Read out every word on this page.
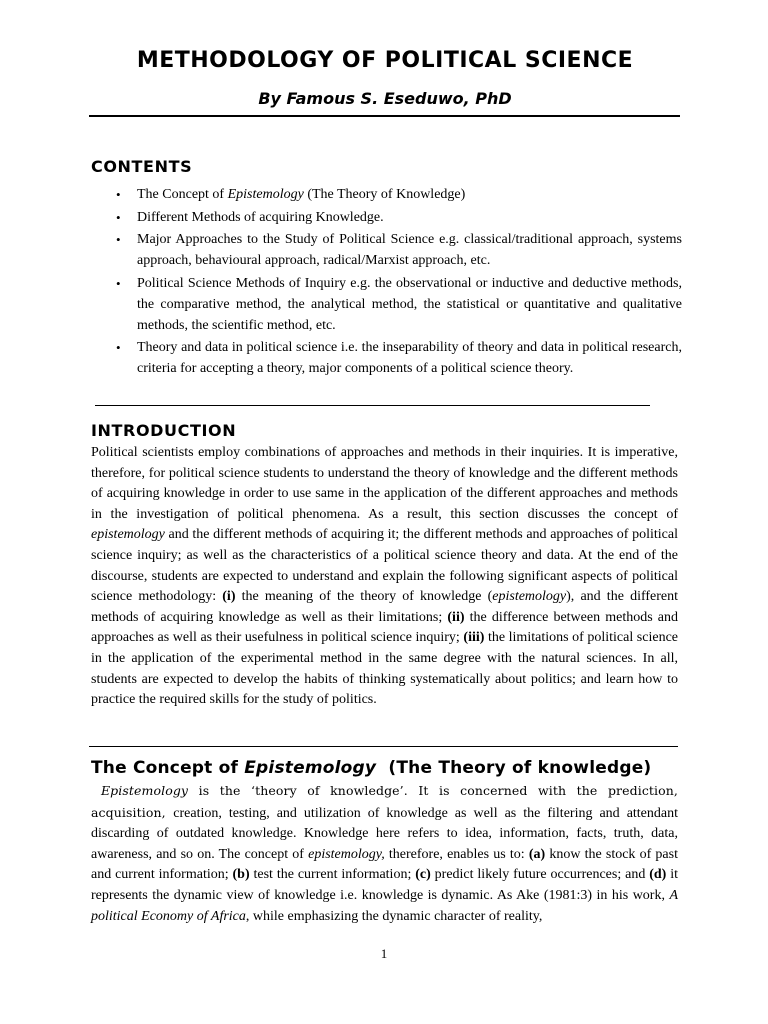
METHODOLOGY OF POLITICAL SCIENCE
By Famous S. Eseduwo, PhD
CONTENTS
• The Concept of Epistemology (The Theory of Knowledge)
• Different Methods of acquiring Knowledge.
• Major Approaches to the Study of Political Science e.g. classical/traditional approach, systems approach, behavioural approach, radical/Marxist approach, etc.
• Political Science Methods of Inquiry e.g. the observational or inductive and deductive methods, the comparative method, the analytical method, the statistical or quantitative and qualitative methods, the scientific method, etc.
• Theory and data in political science i.e. the inseparability of theory and data in political research, criteria for accepting a theory, major components of a political science theory.
INTRODUCTION

Political scientists employ combinations of approaches and methods in their inquiries. It is imperative, therefore, for political science students to understand the theory of knowledge and the different methods of acquiring knowledge in order to use same in the application of the different approaches and methods in the investigation of political phenomena. As a result, this section discusses the concept of epistemology and the different methods of acquiring it; the different methods and approaches of political science inquiry; as well as the characteristics of a political science theory and data. At the end of the discourse, students are expected to understand and explain the following significant aspects of political science methodology: (i) the meaning of the theory of knowledge (epistemology), and the different methods of acquiring knowledge as well as their limitations; (ii) the difference between methods and approaches as well as their usefulness in political science inquiry; (iii) the limitations of political science in the application of the experimental method in the same degree with the natural sciences. In all, students are expected to develop the habits of thinking systematically about politics; and learn how to practice the required skills for the study of politics.

The Concept of Epistemology  (The Theory of knowledge)

Epistemology is the ‘theory of knowledge’. It is concerned with the prediction, acquisition, creation, testing, and utilization of knowledge as well as the filtering and attendant discarding of outdated knowledge. Knowledge here refers to idea, information, facts, truth, data, awareness, and so on. The concept of epistemology, therefore, enables us to: (a) know the stock of past and current information; (b) test the current information; (c) predict likely future occurrences; and (d) it represents the dynamic view of knowledge i.e. knowledge is dynamic. As Ake (1981:3) in his work, A political Economy of Africa, while emphasizing the dynamic character of reality,

1
